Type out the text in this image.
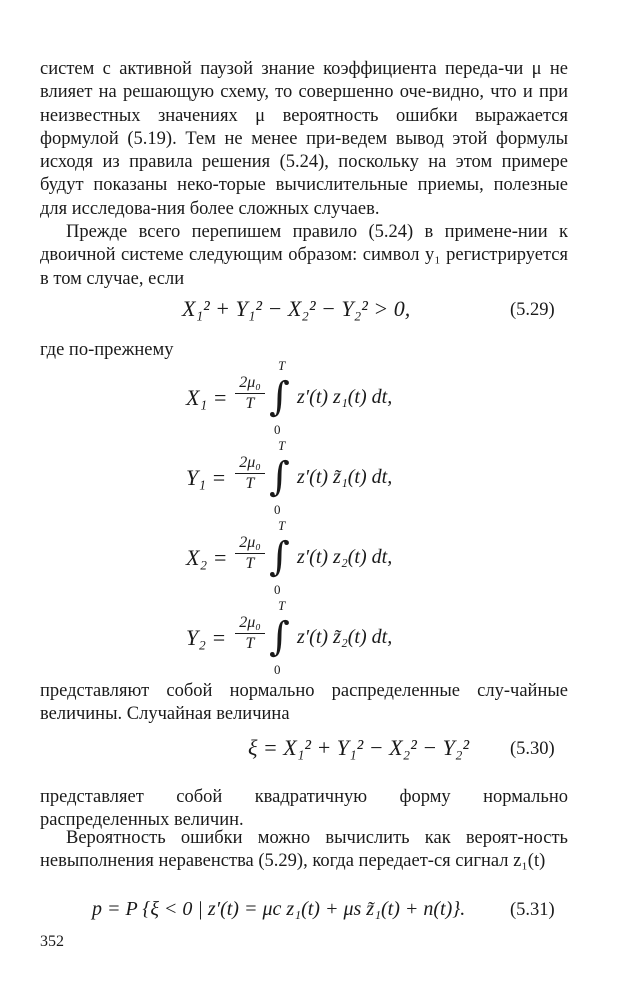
систем с активной паузой знание коэффициента переда-чи μ не влияет на решающую схему, то совершенно оче-видно, что и при неизвестных значениях μ вероятность ошибки выражается формулой (5.19). Тем не менее при-ведем вывод этой формулы исходя из правила решения (5.24), поскольку на этом примере будут показаны неко-торые вычислительные приемы, полезные для исследова-ния более сложных случаев.

Прежде всего перепишем правило (5.24) в примене-нии к двоичной системе следующим образом: символ y₁ регистрируется в том случае, если

X₁² + Y₁² − X₂² − Y₂² > 0,	(5.29)
где по-прежнему
X₁ =
2μ₀
T ∫
T
0
z′(t) z₁(t) dt,
Y₁ =
2μ₀
T ∫
T
0
z′(t) z̃₁(t) dt,
X₂ =
2μ₀
T ∫
T
0
z′(t) z₂(t) dt,
Y₂ =
2μ₀
T ∫
T
0
z′(t) z̃₂(t) dt,

представляют собой нормально распределенные слу-чайные величины. Случайная величина

ξ = X₁² + Y₁² − X₂² − Y₂² (5.30)

представляет собой квадратичную форму нормально распределенных величин.

Вероятность ошибки можно вычислить как вероят-ность невыполнения неравенства (5.29), когда передает-ся сигнал z₁(t)

p = P {ξ < 0 | z′(t) = μc z₁(t) + μs z̃₁(t) + n(t)}. (5.31)
352
